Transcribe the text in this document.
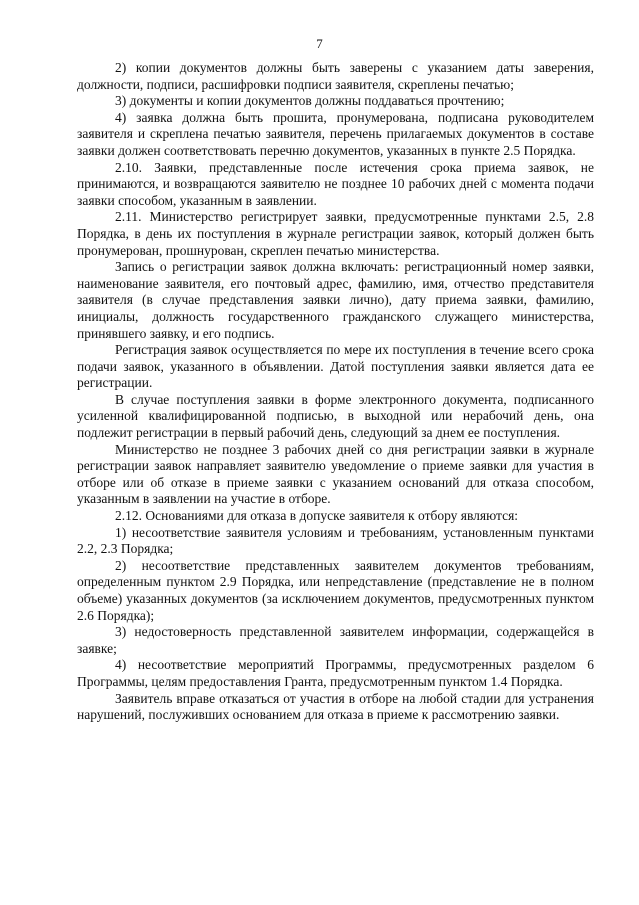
7

2) копии документов должны быть заверены с указанием даты заверения, должности, подписи, расшифровки подписи заявителя, скреплены печатью;

3) документы и копии документов должны поддаваться прочтению;

4) заявка должна быть прошита, пронумерована, подписана руководителем заявителя и скреплена печатью заявителя, перечень прилагаемых документов в составе заявки должен соответствовать перечню документов, указанных в пункте 2.5 Порядка.

2.10. Заявки, представленные после истечения срока приема заявок, не принимаются, и возвращаются заявителю не позднее 10 рабочих дней с момента подачи заявки способом, указанным в заявлении.

2.11. Министерство регистрирует заявки, предусмотренные пунктами 2.5, 2.8 Порядка, в день их поступления в журнале регистрации заявок, который должен быть пронумерован, прошнурован, скреплен печатью министерства.

Запись о регистрации заявок должна включать: регистрационный номер заявки, наименование заявителя, его почтовый адрес, фамилию, имя, отчество представителя заявителя (в случае представления заявки лично), дату приема заявки, фамилию, инициалы, должность государственного гражданского служащего министерства, принявшего заявку, и его подпись.

Регистрация заявок осуществляется по мере их поступления в течение всего срока подачи заявок, указанного в объявлении. Датой поступления заявки является дата ее регистрации.

В случае поступления заявки в форме электронного документа, подписанного усиленной квалифицированной подписью, в выходной или нерабочий день, она подлежит регистрации в первый рабочий день, следующий за днем ее поступления.

Министерство не позднее 3 рабочих дней со дня регистрации заявки в журнале регистрации заявок направляет заявителю уведомление о приеме заявки для участия в отборе или об отказе в приеме заявки с указанием оснований для отказа способом, указанным в заявлении на участие в отборе.

2.12. Основаниями для отказа в допуске заявителя к отбору являются:

1) несоответствие заявителя условиям и требованиям, установленным пунктами 2.2, 2.3 Порядка;

2) несоответствие представленных заявителем документов требованиям, определенным пунктом 2.9 Порядка, или непредставление (представление не в полном объеме) указанных документов (за исключением документов, предусмотренных пунктом 2.6 Порядка);

3) недостоверность представленной заявителем информации, содержащейся в заявке;

4) несоответствие мероприятий Программы, предусмотренных разделом 6 Программы, целям предоставления Гранта, предусмотренным пунктом 1.4 Порядка.

Заявитель вправе отказаться от участия в отборе на любой стадии для устранения нарушений, послуживших основанием для отказа в приеме к рассмотрению заявки.
